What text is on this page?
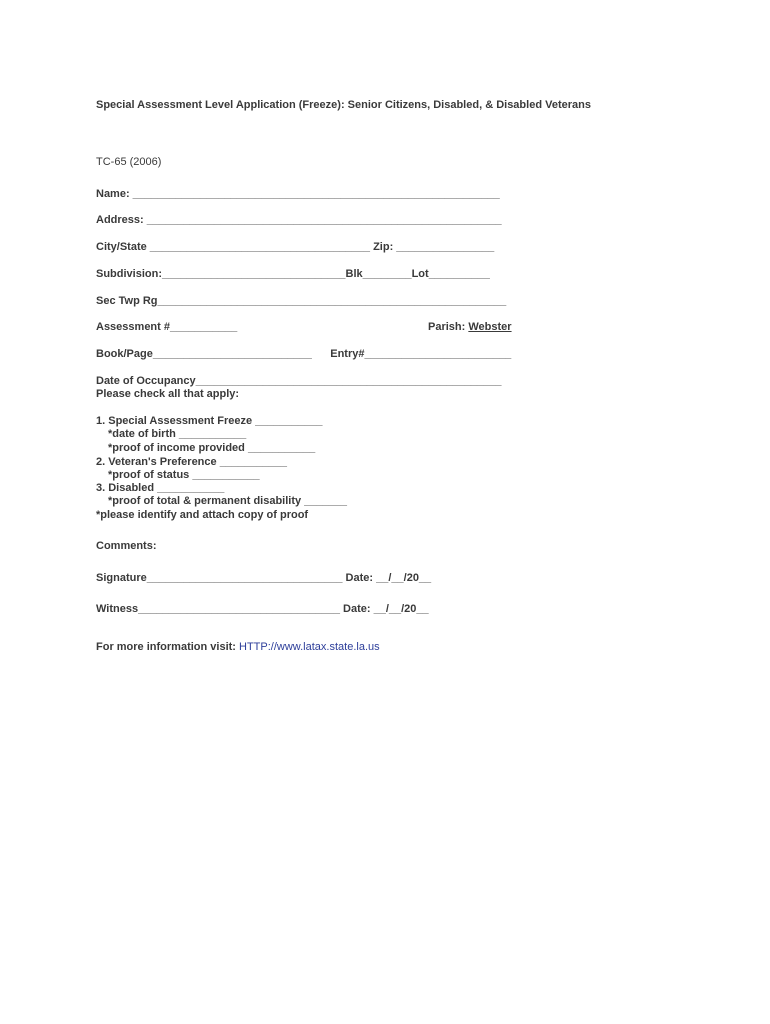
Special Assessment Level Application (Freeze): Senior Citizens, Disabled, & Disabled Veterans
TC-65 (2006)
Name: ____________________________________________________________
Address: __________________________________________________________
City/State ____________________________________ Zip: ________________
Subdivision:______________________________Blk________Lot__________
Sec Twp Rg_________________________________________________________
Assessment #___________	Parish: Webster
Book/Page__________________________      Entry#________________________
Date of Occupancy__________________________________________________
Please check all that apply:
1. Special Assessment Freeze ___________
*date of birth ___________
*proof of income provided ___________
2. Veteran's Preference ___________
*proof of status ___________
3. Disabled ___________
*proof of total & permanent disability _______
*please identify and attach copy of proof
Comments:
Signature________________________________ Date: __/__/20__
Witness_________________________________ Date: __/__/20__
For more information visit: HTTP://www.latax.state.la.us
